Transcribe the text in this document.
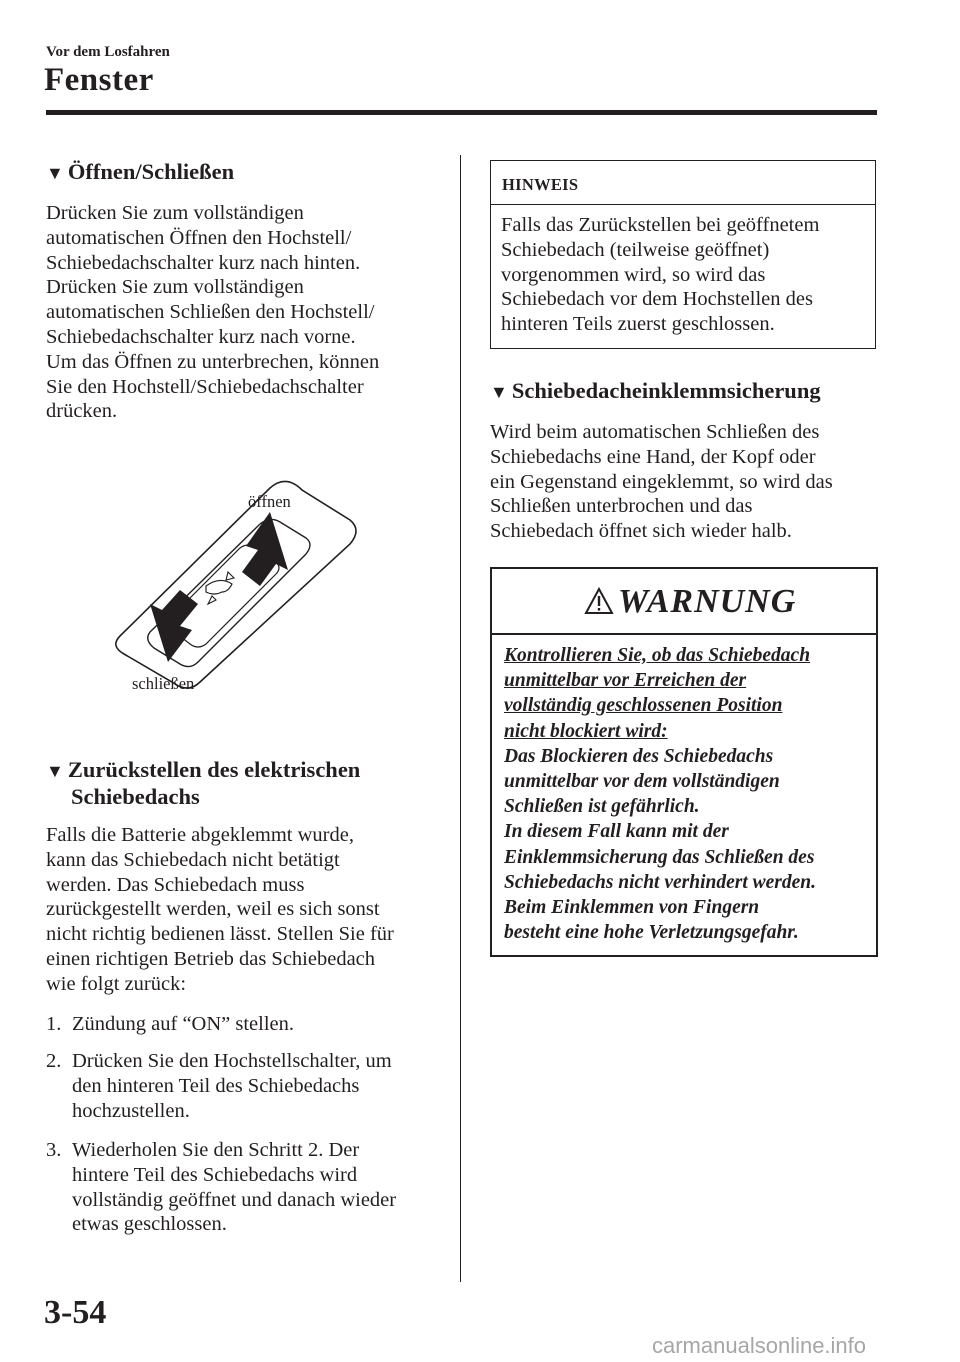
Vor dem Losfahren
Fenster
▼ Öffnen/Schließen
Drücken Sie zum vollständigen
automatischen Öffnen den Hochstell/
Schiebedachschalter kurz nach hinten.
Drücken Sie zum vollständigen
automatischen Schließen den Hochstell/
Schiebedachschalter kurz nach vorne.
Um das Öffnen zu unterbrechen, können
Sie den Hochstell/Schiebedachschalter
drücken.
öffnen
schließen
▼ Zurückstellen des elektrischen
Schiebedachs
Falls die Batterie abgeklemmt wurde,
kann das Schiebedach nicht betätigt
werden. Das Schiebedach muss
zurückgestellt werden, weil es sich sonst
nicht richtig bedienen lässt. Stellen Sie für
einen richtigen Betrieb das Schiebedach
wie folgt zurück:
1. Zündung auf “ON” stellen.
2. Drücken Sie den Hochstellschalter, um
den hinteren Teil des Schiebedachs
hochzustellen.
3. Wiederholen Sie den Schritt 2. Der
hintere Teil des Schiebedachs wird
vollständig geöffnet und danach wieder
etwas geschlossen.
HINWEIS
Falls das Zurückstellen bei geöffnetem
Schiebedach (teilweise geöffnet)
vorgenommen wird, so wird das
Schiebedach vor dem Hochstellen des
hinteren Teils zuerst geschlossen.
▼ Schiebedacheinklemmsicherung
Wird beim automatischen Schließen des
Schiebedachs eine Hand, der Kopf oder
ein Gegenstand eingeklemmt, so wird das
Schließen unterbrochen und das
Schiebedach öffnet sich wieder halb.
WARNUNG
Kontrollieren Sie, ob das Schiebedach
unmittelbar vor Erreichen der
vollständig geschlossenen Position
nicht blockiert wird:
Das Blockieren des Schiebedachs
unmittelbar vor dem vollständigen
Schließen ist gefährlich.
In diesem Fall kann mit der
Einklemmsicherung das Schließen des
Schiebedachs nicht verhindert werden.
Beim Einklemmen von Fingern
besteht eine hohe Verletzungsgefahr.
3-54
carmanualsonline.info
